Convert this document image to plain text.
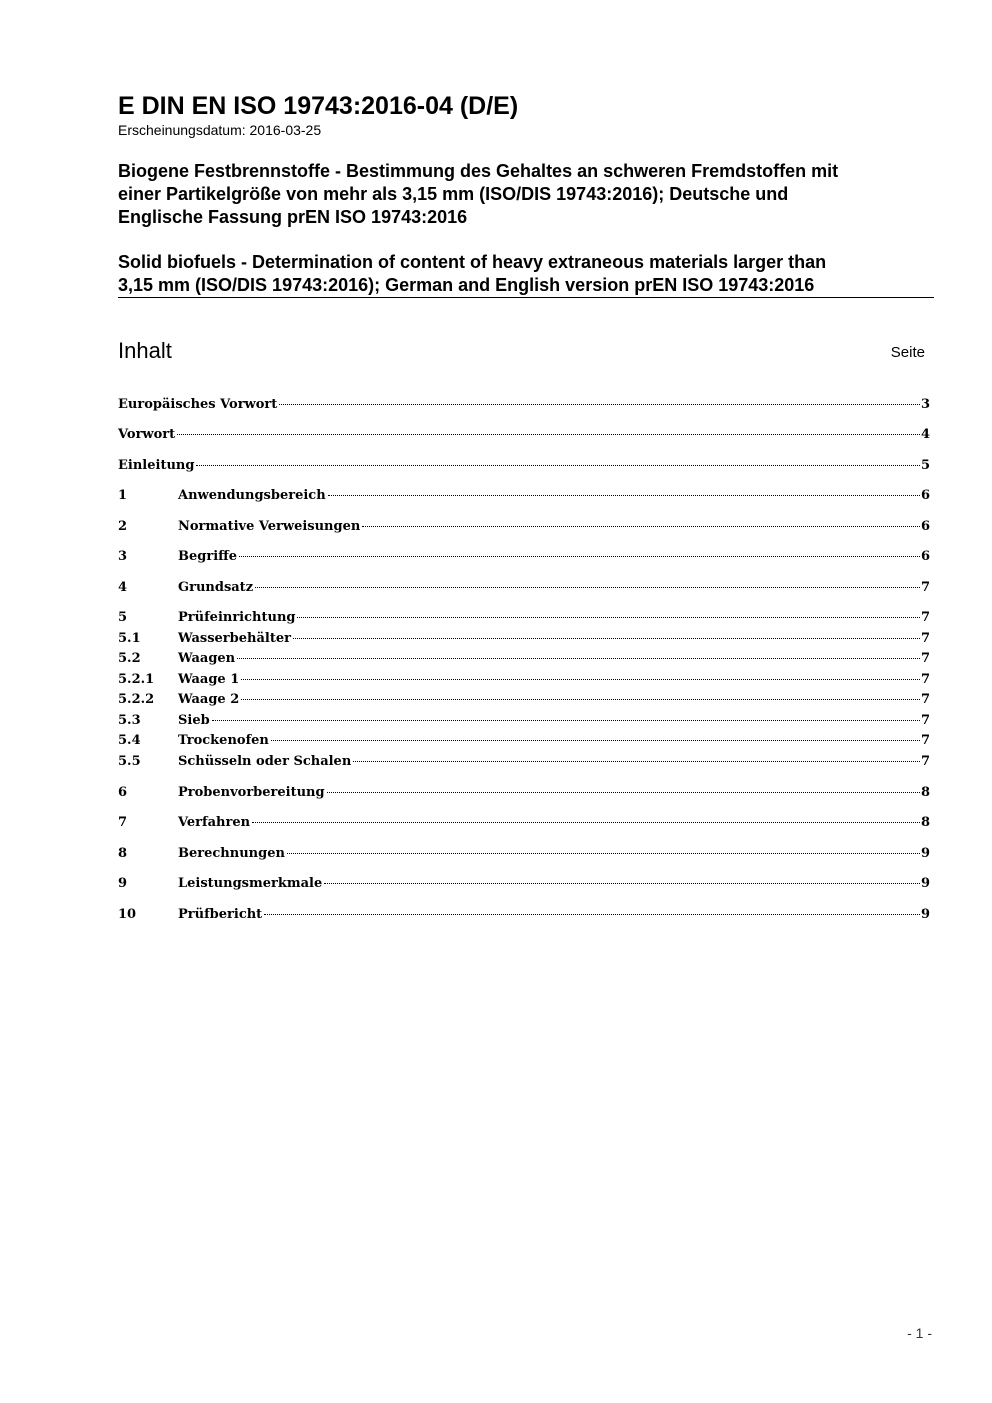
E DIN EN ISO 19743:2016-04 (D/E)
Erscheinungsdatum: 2016-03-25
Biogene Festbrennstoffe - Bestimmung des Gehaltes an schweren Fremdstoffen mit
einer Partikelgröße von mehr als 3,15 mm (ISO/DIS 19743:2016); Deutsche und
Englische Fassung prEN ISO 19743:2016
Solid biofuels - Determination of content of heavy extraneous materials larger than
3,15 mm (ISO/DIS 19743:2016); German and English version prEN ISO 19743:2016
Inhalt	Seite
Europäisches Vorwort	3
Vorwort	4
Einleitung	5
1	Anwendungsbereich	6
2	Normative Verweisungen	6
3	Begriffe	6
4	Grundsatz	7
5	Prüfeinrichtung	7
5.1	Wasserbehälter	7
5.2	Waagen	7
5.2.1	Waage 1	7
5.2.2	Waage 2	7
5.3	Sieb	7
5.4	Trockenofen	7
5.5	Schüsseln oder Schalen	7
6	Probenvorbereitung	8
7	Verfahren	8
8	Berechnungen	9
9	Leistungsmerkmale	9
10	Prüfbericht	9
- 1 -
